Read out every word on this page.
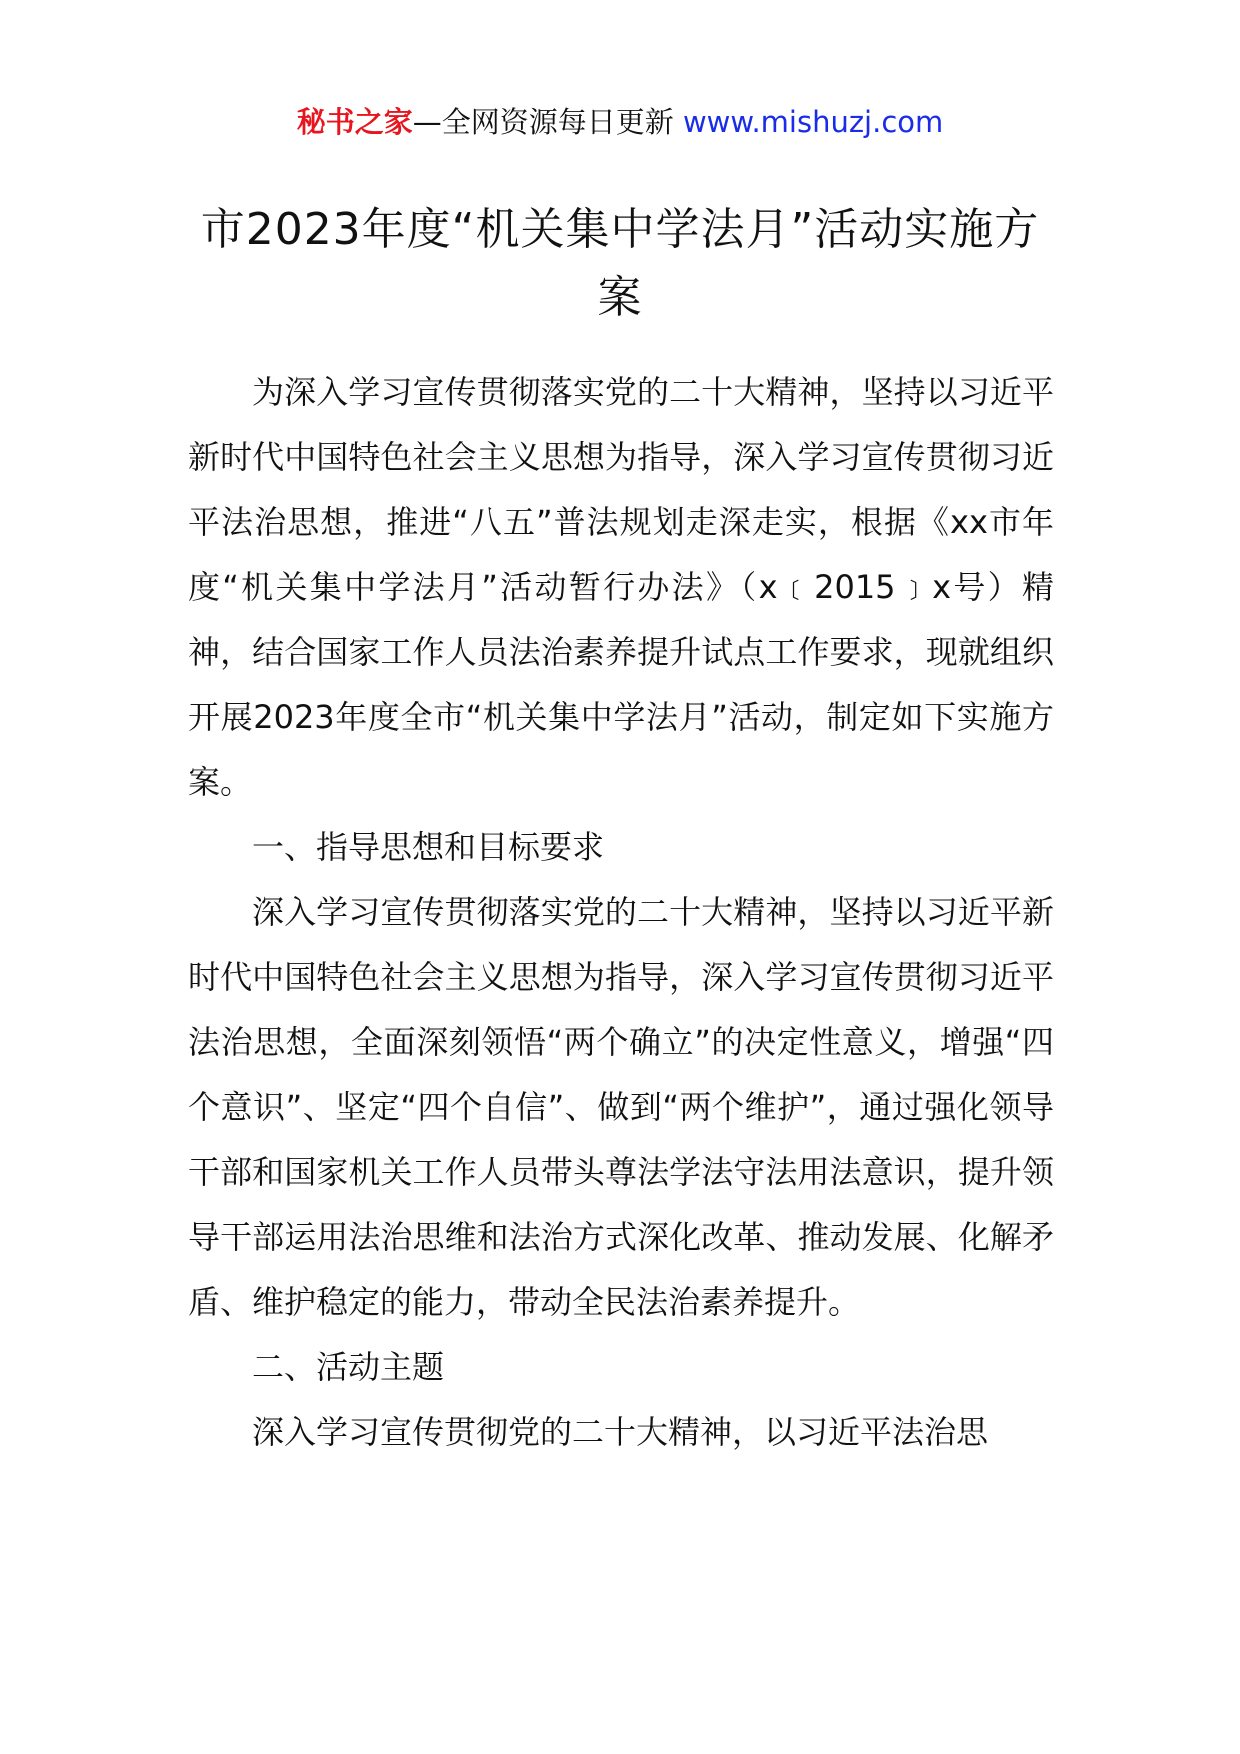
秘书之家—全网资源每日更新 www.mishuzj.com
市2023年度“机关集中学法月”活动实施方案

为深入学习宣传贯彻落实党的二十大精神，坚持以习近平新时代中国特色社会主义思想为指导，深入学习宣传贯彻习近平法治思想，推进“八五”普法规划走深走实，根据《xx市年度“机关集中学法月”活动暂行办法》（x﹝2015﹞x号）精神，结合国家工作人员法治素养提升试点工作要求，现就组织开展2023年度全市“机关集中学法月”活动，制定如下实施方案。

一、指导思想和目标要求

深入学习宣传贯彻落实党的二十大精神，坚持以习近平新时代中国特色社会主义思想为指导，深入学习宣传贯彻习近平法治思想，全面深刻领悟“两个确立”的决定性意义，增强“四个意识”、坚定“四个自信”、做到“两个维护”，通过强化领导干部和国家机关工作人员带头尊法学法守法用法意识，提升领导干部运用法治思维和法治方式深化改革、推动发展、化解矛盾、维护稳定的能力，带动全民法治素养提升。

二、活动主题

深入学习宣传贯彻党的二十大精神，以习近平法治思
